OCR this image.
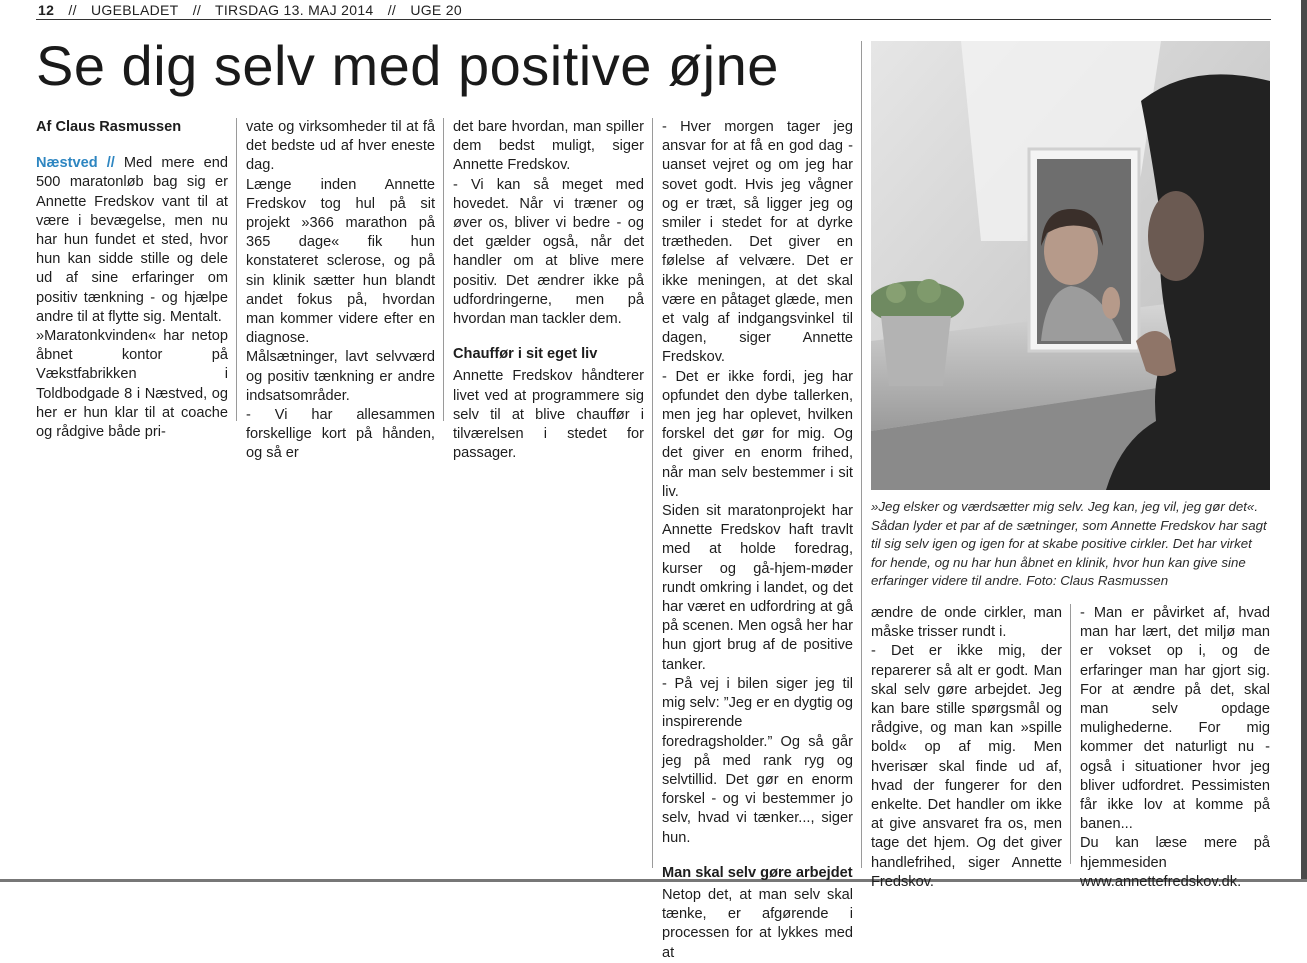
12 // UGEBLADET // TIRSDAG 13. MAJ 2014 // UGE 20
Se dig selv med positive øjne

Af Claus Rasmussen

Næstved // Med mere end 500 maratonløb bag sig er Annette Fredskov vant til at være i bevægelse, men nu har hun fundet et sted, hvor hun kan sidde stille og dele ud af sine erfaringer om positiv tænkning - og hjælpe andre til at flytte sig. Mentalt.

»Maratonkvinden« har netop åbnet kontor på Vækstfabrikken i Toldbodgade 8 i Næstved, og her er hun klar til at coache og rådgive både pri-

vate og virksomheder til at få det bedste ud af hver eneste dag.

Længe inden Annette Fredskov tog hul på sit projekt »366 marathon på 365 dage« fik hun konstateret sclerose, og på sin klinik sætter hun blandt andet fokus på, hvordan man kommer videre efter en diagnose.

Målsætninger, lavt selvværd og positiv tænkning er andre indsatsområder.

- Vi har allesammen forskellige kort på hånden, og så er

det bare hvordan, man spiller dem bedst muligt, siger Annette Fredskov.

- Vi kan så meget med hovedet. Når vi træner og øver os, bliver vi bedre - og det gælder også, når det handler om at blive mere positiv. Det ændrer ikke på udfordringerne, men på hvordan man tackler dem.

Chauffør i sit eget liv

Annette Fredskov håndterer livet ved at programmere sig selv til at blive chauffør i tilværelsen i stedet for passager.

- Hver morgen tager jeg ansvar for at få en god dag - uanset vejret og om jeg har sovet godt. Hvis jeg vågner og er træt, så ligger jeg og smiler i stedet for at dyrke trætheden. Det giver en følelse af velvære. Det er ikke meningen, at det skal være en påtaget glæde, men et valg af indgangsvinkel til dagen, siger Annette Fredskov.

- Det er ikke fordi, jeg har opfundet den dybe tallerken, men jeg har oplevet, hvilken forskel det gør for mig. Og det giver en enorm frihed, når man selv bestemmer i sit liv.

Siden sit maratonprojekt har Annette Fredskov haft travlt med at holde foredrag, kurser og gå-hjem-møder rundt omkring i landet, og det har været en udfordring at gå på scenen. Men også her har hun gjort brug af de positive tanker.

- På vej i bilen siger jeg til mig selv: ”Jeg er en dygtig og inspirerende foredragsholder.” Og så går jeg på med rank ryg og selvtillid. Det gør en enorm forskel - og vi bestemmer jo selv, hvad vi tænker..., siger hun.

Man skal selv gøre arbejdet

Netop det, at man selv skal tænke, er afgørende i processen for at lykkes med at

»Jeg elsker og værdsætter mig selv. Jeg kan, jeg vil, jeg gør det«. Sådan lyder et par af de sætninger, som Annette Fredskov har sagt til sig selv igen og igen for at skabe positive cirkler. Det har virket for hende, og nu har hun åbnet en klinik, hvor hun kan give sine erfaringer videre til andre. Foto: Claus Rasmussen

ændre de onde cirkler, man måske trisser rundt i.

- Det er ikke mig, der reparerer så alt er godt. Man skal selv gøre arbejdet. Jeg kan bare stille spørgsmål og rådgive, og man kan »spille bold« op af mig. Men hverisær skal finde ud af, hvad der fungerer for den enkelte. Det handler om ikke at give ansvaret fra os, men tage det hjem. Og det giver handlefrihed, siger Annette Fredskov.

- Man er påvirket af, hvad man har lært, det miljø man er vokset op i, og de erfaringer man har gjort sig. For at ændre på det, skal man selv opdage mulighederne. For mig kommer det naturligt nu - også i situationer hvor jeg bliver udfordret. Pessimisten får ikke lov at komme på banen...

Du kan læse mere på hjemmesiden www.annettefredskov.dk.
